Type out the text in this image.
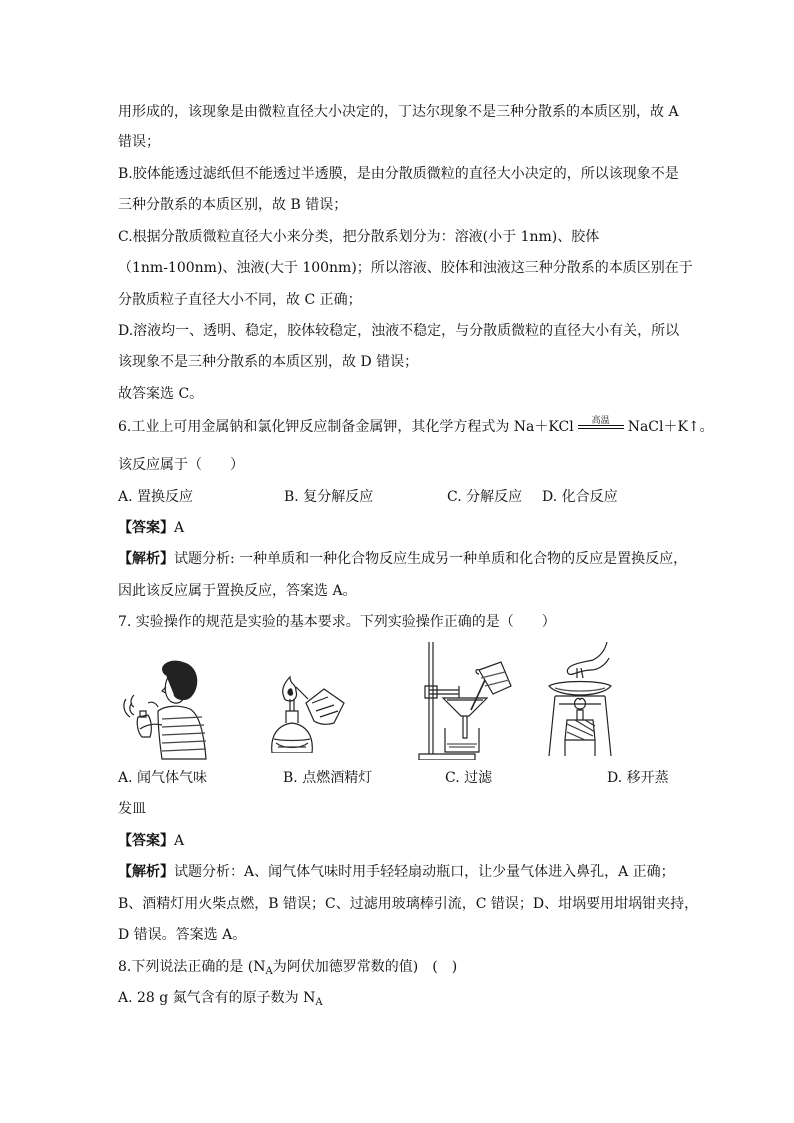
用形成的，该现象是由微粒直径大小决定的，丁达尔现象不是三种分散系的本质区别，故 A
错误；
B.胶体能透过滤纸但不能透过半透膜，是由分散质微粒的直径大小决定的，所以该现象不是
三种分散系的本质区别，故 B 错误；
C.根据分散质微粒直径大小来分类，把分散系划分为：溶液(小于 1nm)、胶体
（1nm-100nm)、浊液(大于 100nm)；所以溶液、胶体和浊液这三种分散系的本质区别在于
分散质粒子直径大小不同，故 C 正确；
D.溶液均一、透明、稳定，胶体较稳定，浊液不稳定，与分散质微粒的直径大小有关，所以
该现象不是三种分散系的本质区别，故 D 错误；
故答案选 C。
6.工业上可用金属钠和氯化钾反应制备金属钾，其化学方程式为 Na＋KCl	高温	NaCl＋K↑。
该反应属于（　　）
A. 置换反应	B. 复分解反应	C. 分解反应 D. 化合反应
【答案】A
【解析】试题分析: 一种单质和一种化合物反应生成另一种单质和化合物的反应是置换反应，
因此该反应属于置换反应，答案选 A。
7. 实验操作的规范是实验的基本要求。下列实验操作正确的是（　　）
A. 闻气体气味	B. 点燃酒精灯	C. 过滤	D. 移开蒸
发皿
【答案】A
【解析】试题分析：A、闻气体气味时用手轻轻扇动瓶口，让少量气体进入鼻孔，A 正确；
B、酒精灯用火柴点燃，B 错误；C、过滤用玻璃棒引流，C 错误；D、坩埚要用坩埚钳夹持，
D 错误。答案选 A。
8.下列说法正确的是 ($N_A$为阿伏加德罗常数的值)　(　)
A. 28 g 氮气含有的原子数为 $N_A$
